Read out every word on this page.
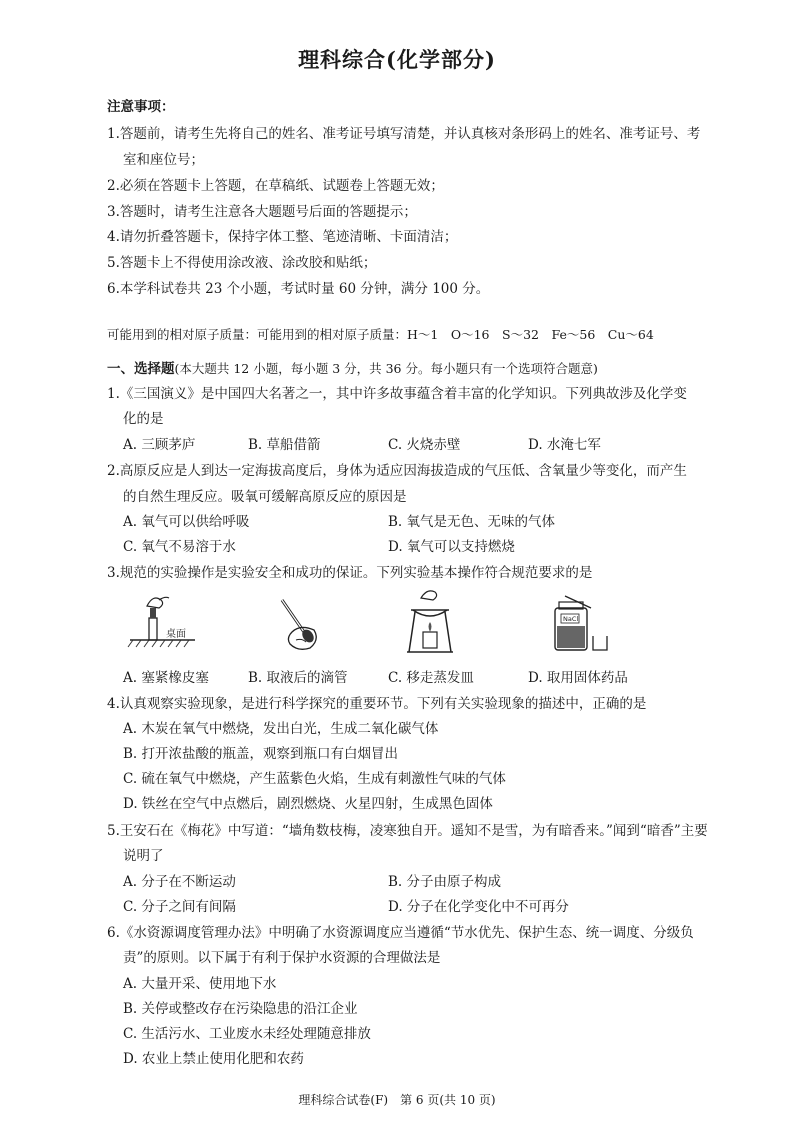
理科综合(化学部分)
注意事项：
1.答题前，请考生先将自己的姓名、准考证号填写清楚，并认真核对条形码上的姓名、准考证号、考
室和座位号；
2.必须在答题卡上答题，在草稿纸、试题卷上答题无效；
3.答题时，请考生注意各大题题号后面的答题提示；
4.请勿折叠答题卡，保持字体工整、笔迹清晰、卡面清洁；
5.答题卡上不得使用涂改液、涂改胶和贴纸；
6.本学科试卷共 23 个小题，考试时量 60 分钟，满分 100 分。
可能用到的相对原子质量：可能用到的相对原子质量：H～1　O～16　S～32　Fe～56　Cu～64
一、选择题(本大题共 12 小题，每小题 3 分，共 36 分。每小题只有一个选项符合题意)
1.《三国演义》是中国四大名著之一，其中许多故事蕴含着丰富的化学知识。下列典故涉及化学变
化的是
A. 三顾茅庐	B. 草船借箭	C. 火烧赤壁	D. 水淹七军
2.高原反应是人到达一定海拔高度后，身体为适应因海拔造成的气压低、含氧量少等变化，而产生
的自然生理反应。吸氧可缓解高原反应的原因是
A. 氧气可以供给呼吸	B. 氧气是无色、无味的气体
C. 氧气不易溶于水	D. 氧气可以支持燃烧
3.规范的实验操作是实验安全和成功的保证。下列实验基本操作符合规范要求的是
桌面
NaCl
A. 塞紧橡皮塞	B. 取液后的滴管	C. 移走蒸发皿	D. 取用固体药品
4.认真观察实验现象，是进行科学探究的重要环节。下列有关实验现象的描述中，正确的是
A. 木炭在氧气中燃烧，发出白光，生成二氧化碳气体
B. 打开浓盐酸的瓶盖，观察到瓶口有白烟冒出
C. 硫在氧气中燃烧，产生蓝紫色火焰，生成有刺激性气味的气体
D. 铁丝在空气中点燃后，剧烈燃烧、火星四射，生成黑色固体
5.王安石在《梅花》中写道：“墙角数枝梅，凌寒独自开。遥知不是雪，为有暗香来。”闻到“暗香”主要
说明了
A. 分子在不断运动	B. 分子由原子构成
C. 分子之间有间隔	D. 分子在化学变化中不可再分
6.《水资源调度管理办法》中明确了水资源调度应当遵循“节水优先、保护生态、统一调度、分级负
责”的原则。以下属于有利于保护水资源的合理做法是
A. 大量开采、使用地下水
B. 关停或整改存在污染隐患的沿江企业
C. 生活污水、工业废水未经处理随意排放
D. 农业上禁止使用化肥和农药
理科综合试卷(F)　第 6 页(共 10 页)
